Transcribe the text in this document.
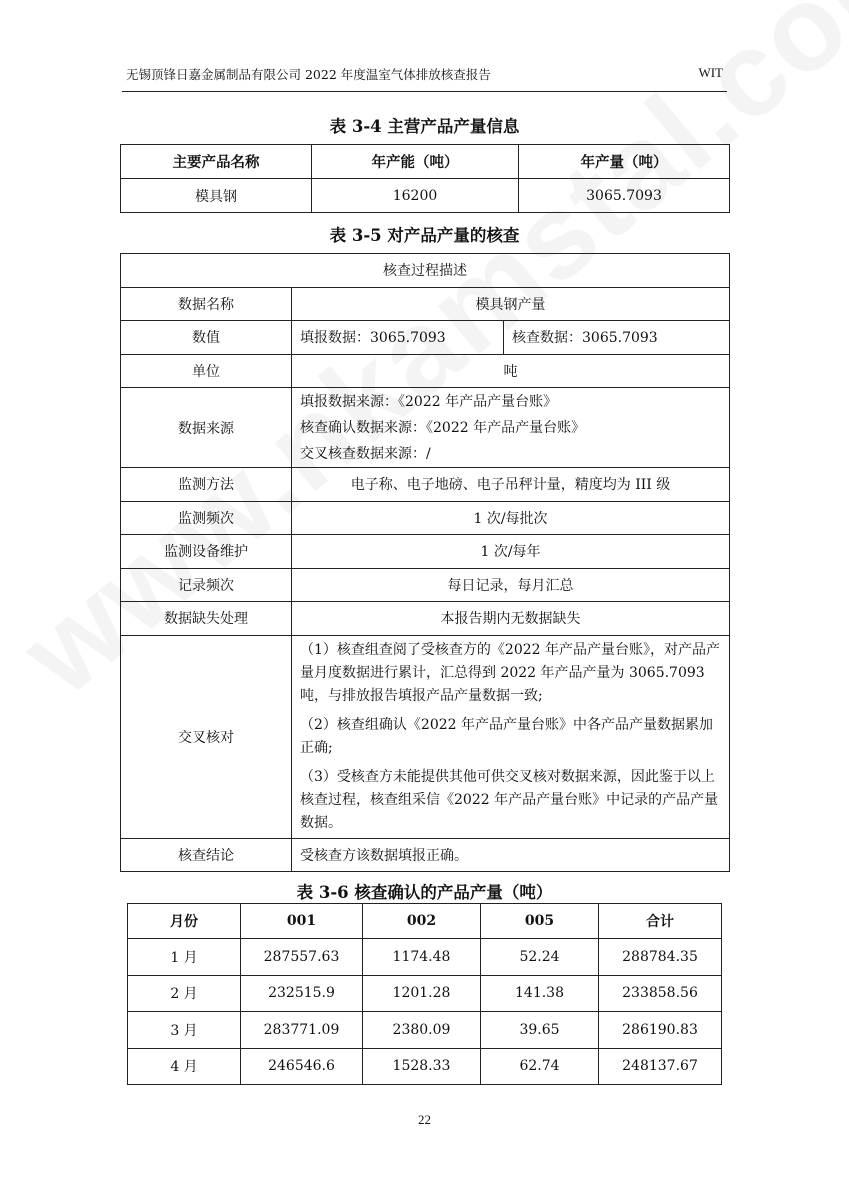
无锡顶锋日嘉金属制品有限公司 2022 年度温室气体排放核查报告	WIT
表 3-4 主营产品产量信息
主要产品名称	年产能（吨）	年产量（吨）
模具钢	16200	3065.7093
表 3-5 对产品产量的核查
核查过程描述		
数据名称	模具钢产量	
数值	填报数据：3065.7093	核查数据：3065.7093
单位	吨	
数据来源	填报数据来源：《2022 年产品产量台账》
核查确认数据来源：《2022 年产品产量台账》
交叉核查数据来源：/	

监测方法	电子称、电子地磅、电子吊秤计量，精度均为 III 级	
监测频次	1 次/每批次	
监测设备维护	1 次/每年	
记录频次	每日记录，每月汇总	
数据缺失处理	本报告期内无数据缺失	
交叉核对	（1）核查组查阅了受核查方的《2022 年产品产量台账》，对产品产量月度数据进行累计，汇总得到 2022 年产品产量为 3065.7093 吨，与排放报告填报产品产量数据一致;
（2）核查组确认《2022 年产品产量台账》中各产品产量数据累加正确;
（3）受核查方未能提供其他可供交叉核对数据来源，因此鉴于以上核查过程，核查组采信《2022 年产品产量台账》中记录的产品产量数据。	

核查结论	受核查方该数据填报正确。	
表 3-6 核查确认的产品产量（吨）
月份	001	002	005	合计
1 月	287557.63	1174.48	52.24	288784.35
2 月	232515.9	1201.28	141.38	233858.56
3 月	283771.09	2380.09	39.65	286190.83
4 月	246546.6	1528.33	62.74	248137.67
22
